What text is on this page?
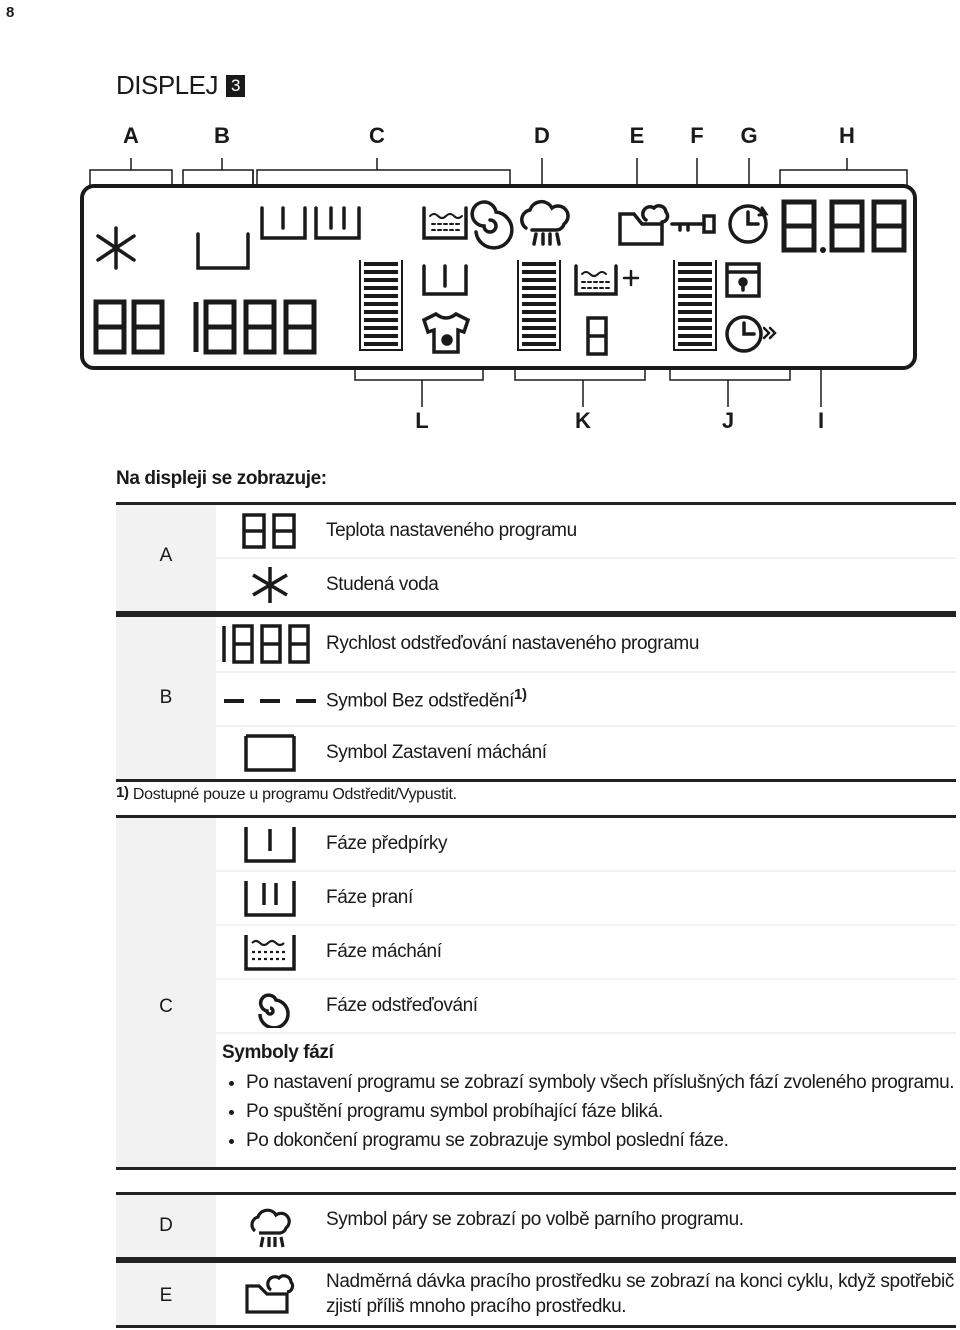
8
DISPLEJ 3
A	B	C	D	E F G	H
L	K	J	I
Na displeji se zobrazuje:
A
Teplota nastaveného programu
Studená voda
B
Rychlost odstřeďování nastaveného programu
Symbol Bez odstředění$^{1)}$
Symbol Zastavení máchání
$^{1)}$ Dostupné pouze u programu Odstředit/Vypustit.
C
Fáze předpírky
Fáze praní
Fáze máchání
Fáze odstřeďování
Symboly fází
• Po nastavení programu se zobrazí symboly všech příslušných fází zvoleného programu.
• Po spuštění programu symbol probíhající fáze bliká.
• Po dokončení programu se zobrazuje symbol poslední fáze.
D	Symbol páry se zobrazí po volbě parního programu.
E
Nadměrná dávka pracího prostředku se zobrazí na konci cyklu, když spotřebič zjistí příliš mnoho pracího prostředku.
